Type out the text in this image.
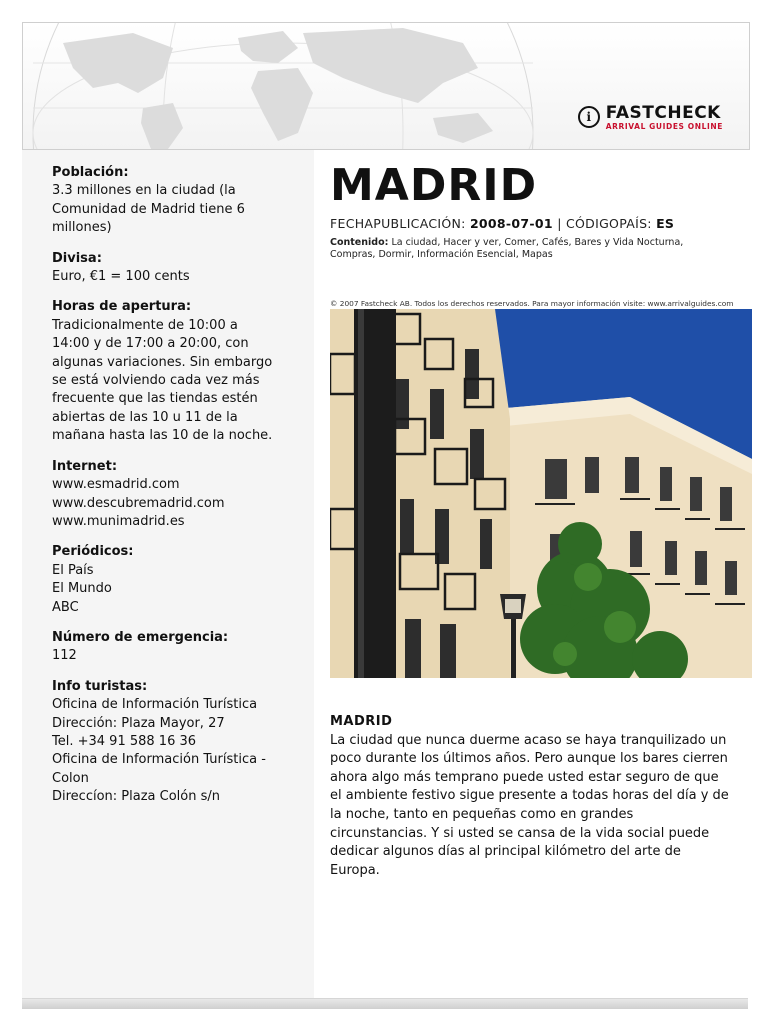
i FASTCHECK
ARRIVAL GUIDES ONLINE
Población:
3.3 millones en la ciudad (la
Comunidad de Madrid tiene 6
millones)
Divisa:
Euro, €1 = 100 cents
Horas de apertura:
Tradicionalmente de 10:00 a
14:00 y de 17:00 a 20:00, con
algunas variaciones. Sin embargo
se está volviendo cada vez más
frecuente que las tiendas estén
abiertas de las 10 u 11 de la
mañana hasta las 10 de la noche.
Internet:
www.esmadrid.com
www.descubremadrid.com
www.munimadrid.es
Periódicos:
El País
El Mundo
ABC
Número de emergencia:
112
Info turistas:
Oficina de Información Turística
Dirección: Plaza Mayor, 27
Tel. +34 91 588 16 36
Oficina de Información Turística -
Colon
Direccíon: Plaza Colón s/n
MADRID
FECHAPUBLICACIÓN: 2008-07-01 | CÓDIGOPAÍS: ES
Contenido: La ciudad, Hacer y ver, Comer, Cafés, Bares y Vida Nocturna,
Compras, Dormir, Información Esencial, Mapas
© 2007 Fastcheck AB. Todos los derechos reservados. Para mayor información visite: www.arrivalguides.com
MADRID
La ciudad que nunca duerme acaso se haya tranquilizado un
poco durante los últimos años. Pero aunque los bares cierren
ahora algo más temprano puede usted estar seguro de que
el ambiente festivo sigue presente a todas horas del día y de
la noche, tanto en pequeñas como en grandes
circunstancias. Y si usted se cansa de la vida social puede
dedicar algunos días al principal kilómetro del arte de
Europa.
